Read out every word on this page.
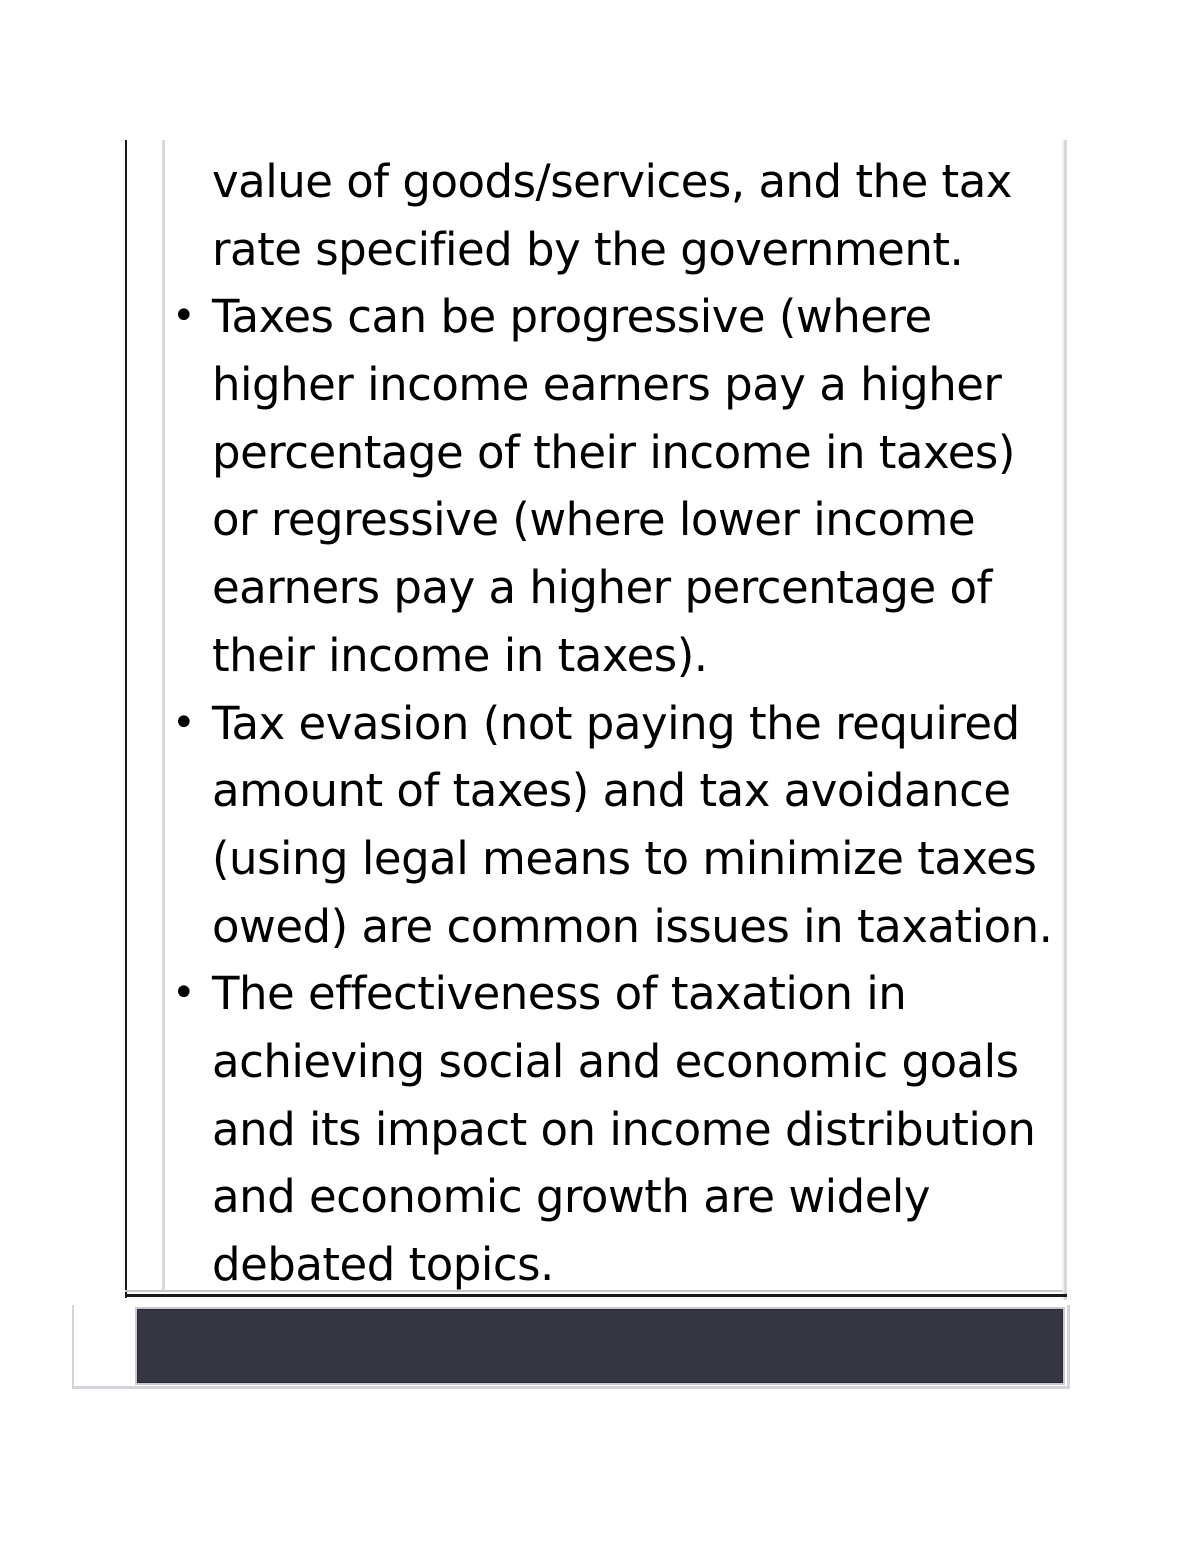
value of goods/services, and the tax
rate specified by the government.
• Taxes can be progressive (where
higher income earners pay a higher
percentage of their income in taxes)
or regressive (where lower income
earners pay a higher percentage of
their income in taxes).
• Tax evasion (not paying the required
amount of taxes) and tax avoidance
(using legal means to minimize taxes
owed) are common issues in taxation.
• The effectiveness of taxation in
achieving social and economic goals
and its impact on income distribution
and economic growth are widely
debated topics.
